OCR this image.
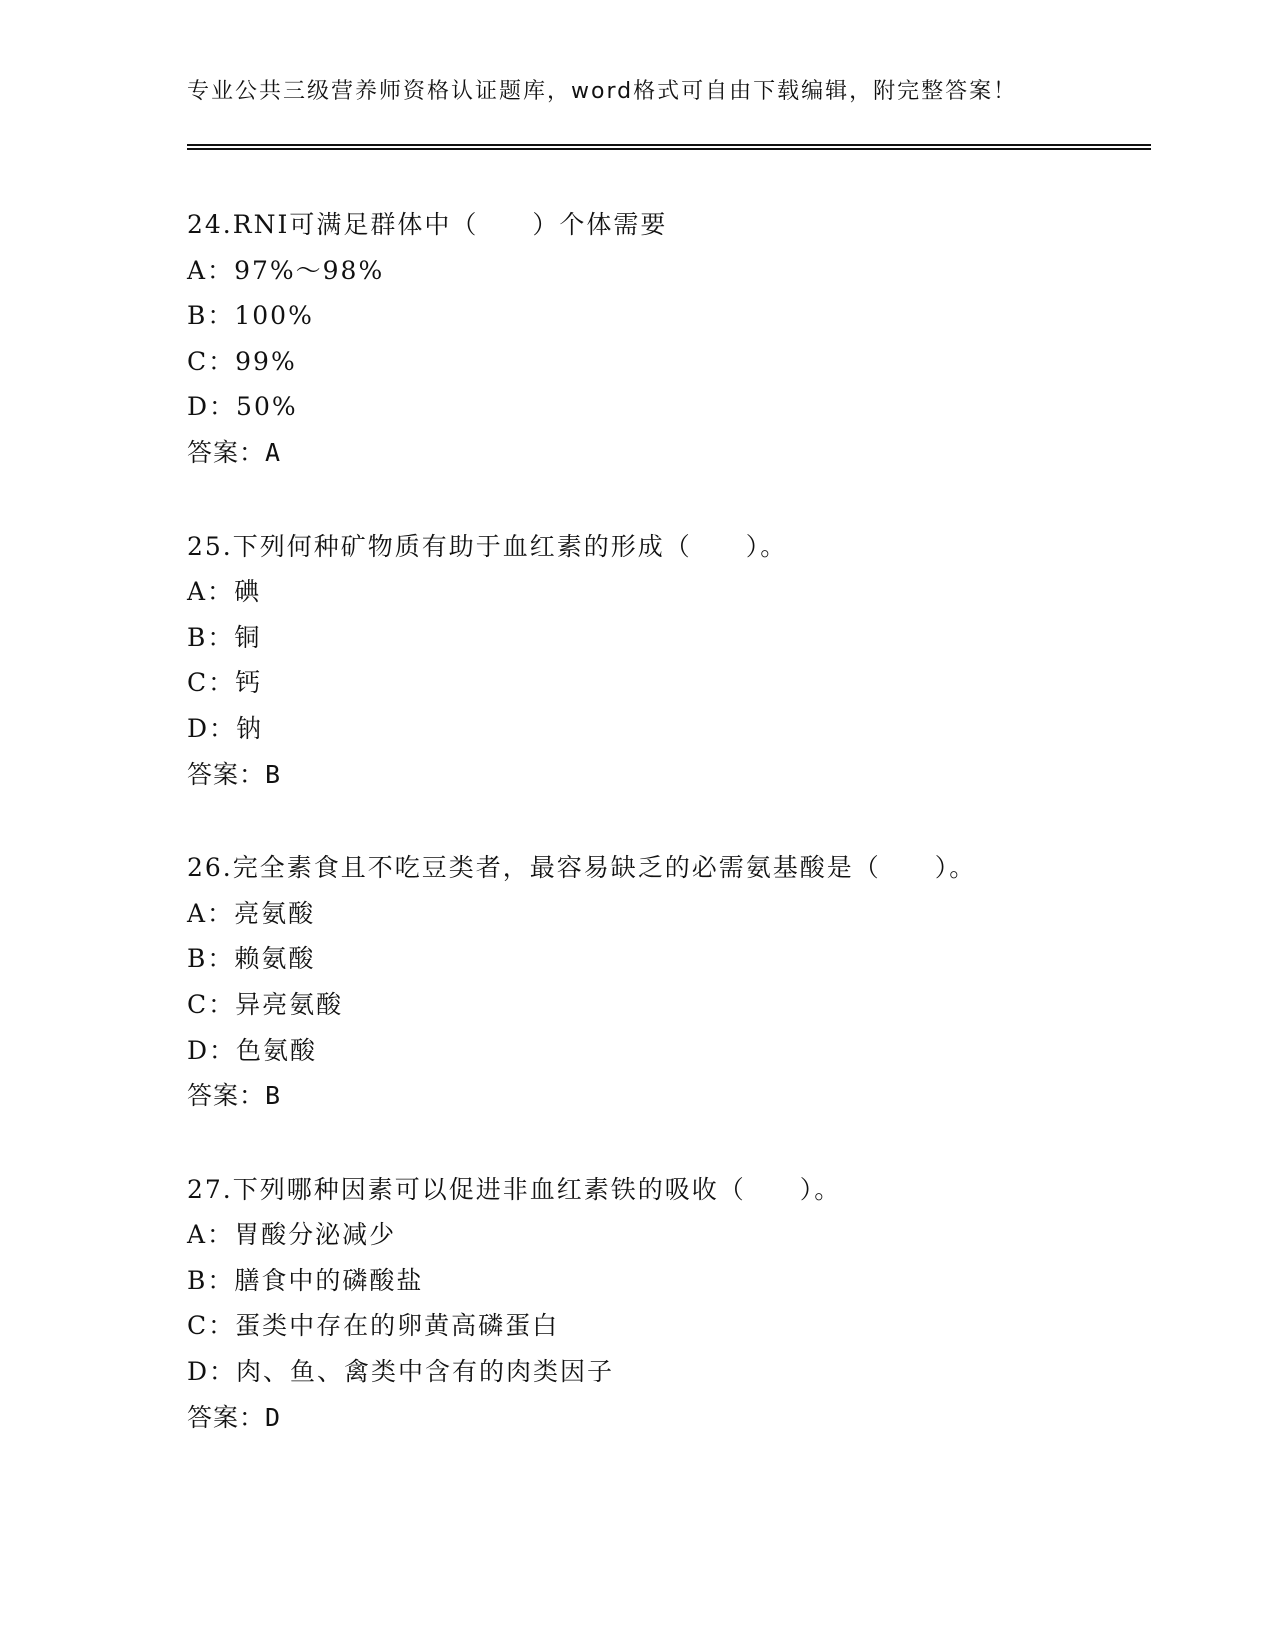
专业公共三级营养师资格认证题库，word格式可自由下载编辑，附完整答案！
24.RNI可满足群体中（　　）个体需要
A：97%～98%
B：100%
C：99%
D：50%
答案：A
25.下列何种矿物质有助于血红素的形成（　　）。
A：碘
B：铜
C：钙
D：钠
答案：B
26.完全素食且不吃豆类者，最容易缺乏的必需氨基酸是（　　）。
A：亮氨酸
B：赖氨酸
C：异亮氨酸
D：色氨酸
答案：B
27.下列哪种因素可以促进非血红素铁的吸收（　　）。
A：胃酸分泌减少
B：膳食中的磷酸盐
C：蛋类中存在的卵黄高磷蛋白
D：肉、鱼、禽类中含有的肉类因子
答案：D
